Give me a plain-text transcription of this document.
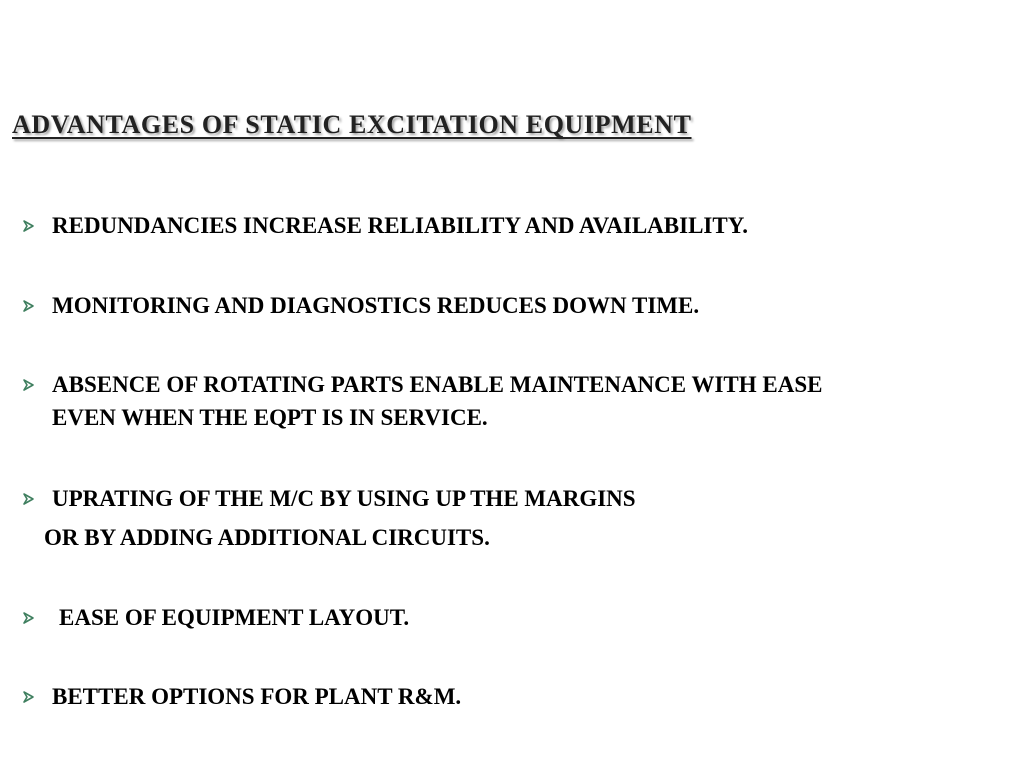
ADVANTAGES OF STATIC EXCITATION EQUIPMENT
REDUNDANCIES INCREASE RELIABILITY AND AVAILABILITY.
MONITORING AND DIAGNOSTICS REDUCES DOWN TIME.
ABSENCE OF ROTATING PARTS ENABLE MAINTENANCE WITH EASE
EVEN WHEN THE EQPT IS IN SERVICE.
UPRATING OF THE M/C BY USING UP THE MARGINS
OR BY ADDING ADDITIONAL CIRCUITS.
EASE OF EQUIPMENT LAYOUT.
BETTER OPTIONS FOR PLANT R&M.
